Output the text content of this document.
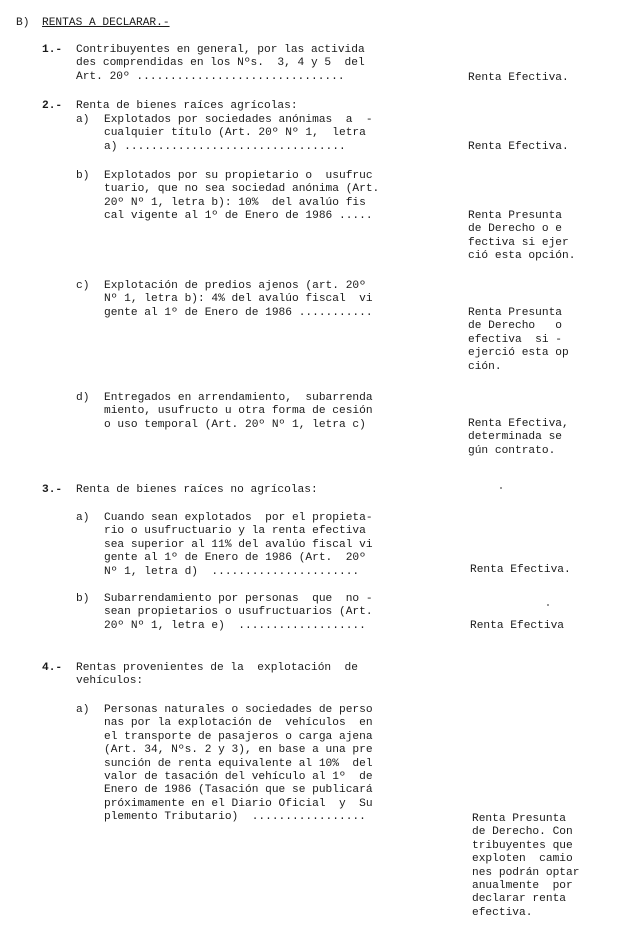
B) RENTAS A DECLARAR.-
1.- Contribuyentes en general, por las activida
des comprendidas en los Nºs.  3, 4 y 5  del
Art. 20º ...............................	Renta Efectiva.
2.- Renta de bienes raíces agrícolas:
a) Explotados por sociedades anónimas  a  -
cualquier título (Art. 20º Nº 1,  letra
a) .................................	Renta Efectiva.
b) Explotados por su propietario o  usufruc
tuario, que no sea sociedad anónima (Art.
20º Nº 1, letra b): 10%  del avalúo fis
cal vigente al 1º de Enero de 1986 .....	Renta Presunta
de Derecho o e
fectiva si ejer
ció esta opción.
c) Explotación de predios ajenos (art. 20º
Nº 1, letra b): 4% del avalúo fiscal  vi
gente al 1º de Enero de 1986 ...........	Renta Presunta
de Derecho   o
efectiva  si -
ejerció esta op
ción.
d) Entregados en arrendamiento,  subarrenda
miento, usufructo u otra forma de cesión
o uso temporal (Art. 20º Nº 1, letra c)	Renta Efectiva,
determinada se
gún contrato.
3.- Renta de bienes raíces no agrícolas:
a) Cuando sean explotados  por el propieta-
rio o usufructuario y la renta efectiva
sea superior al 11% del avalúo fiscal vi
gente al 1º de Enero de 1986 (Art.  20º
Nº 1, letra d)  ......................	Renta Efectiva.
b) Subarrendamiento por personas  que  no -
sean propietarios o usufructuarios (Art.
20º Nº 1, letra e)  ...................	Renta Efectiva
4.- Rentas provenientes de la  explotación  de
vehículos:
a) Personas naturales o sociedades de perso
nas por la explotación de  vehículos  en
el transporte de pasajeros o carga ajena
(Art. 34, Nºs. 2 y 3), en base a una pre
sunción de renta equivalente al 10%  del
valor de tasación del vehículo al 1º  de
Enero de 1986 (Tasación que se publicará
próximamente en el Diario Oficial  y  Su
plemento Tributario)  .................	Renta Presunta
de Derecho. Con
tribuyentes que
exploten  camio
nes podrán optar
anualmente  por
declarar renta
efectiva.
